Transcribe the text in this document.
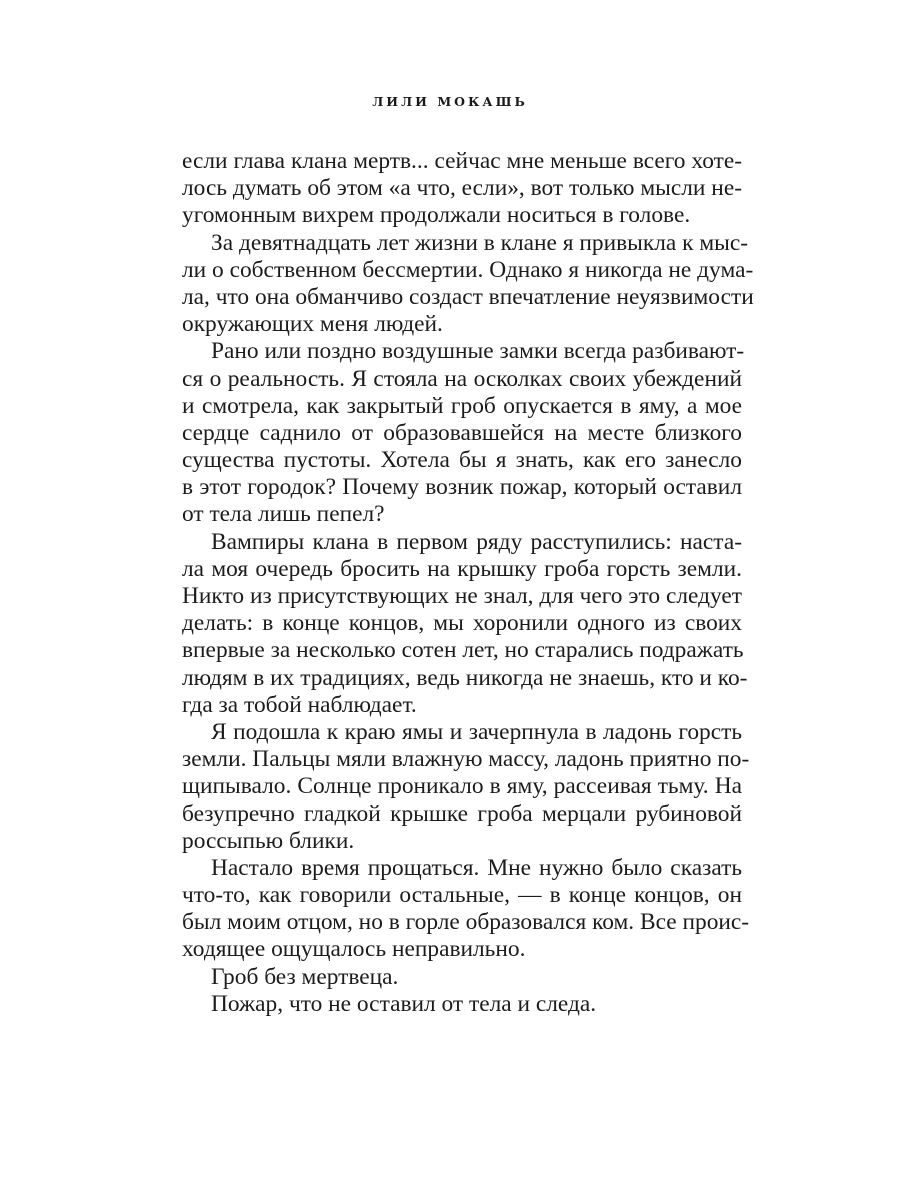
ЛИЛИ МОКАШЬ
если глава клана мертв... сейчас мне меньше всего хоте-
лось думать об этом «а что, если», вот только мысли не-
угомонным вихрем продолжали носиться в голове.
За девятнадцать лет жизни в клане я привыкла к мыс-
ли о собственном бессмертии. Однако я никогда не дума-
ла, что она обманчиво создаст впечатление неуязвимости
окружающих меня людей.
Рано или поздно воздушные замки всегда разбивают-
ся о реальность. Я стояла на осколках своих убеждений
и смотрела, как закрытый гроб опускается в яму, а мое
сердце саднило от образовавшейся на месте близкого
существа пустоты. Хотела бы я знать, как его занесло
в этот городок? Почему возник пожар, который оставил
от тела лишь пепел?
Вампиры клана в первом ряду расступились: наста-
ла моя очередь бросить на крышку гроба горсть земли.
Никто из присутствующих не знал, для чего это следует
делать: в конце концов, мы хоронили одного из своих
впервые за несколько сотен лет, но старались подражать
людям в их традициях, ведь никогда не знаешь, кто и ко-
гда за тобой наблюдает.
Я подошла к краю ямы и зачерпнула в ладонь горсть
земли. Пальцы мяли влажную массу, ладонь приятно по-
щипывало. Солнце проникало в яму, рассеивая тьму. На
безупречно гладкой крышке гроба мерцали рубиновой
россыпью блики.
Настало время прощаться. Мне нужно было сказать
что-то, как говорили остальные, — в конце концов, он
был моим отцом, но в горле образовался ком. Все проис-
ходящее ощущалось неправильно.
Гроб без мертвеца.
Пожар, что не оставил от тела и следа.
